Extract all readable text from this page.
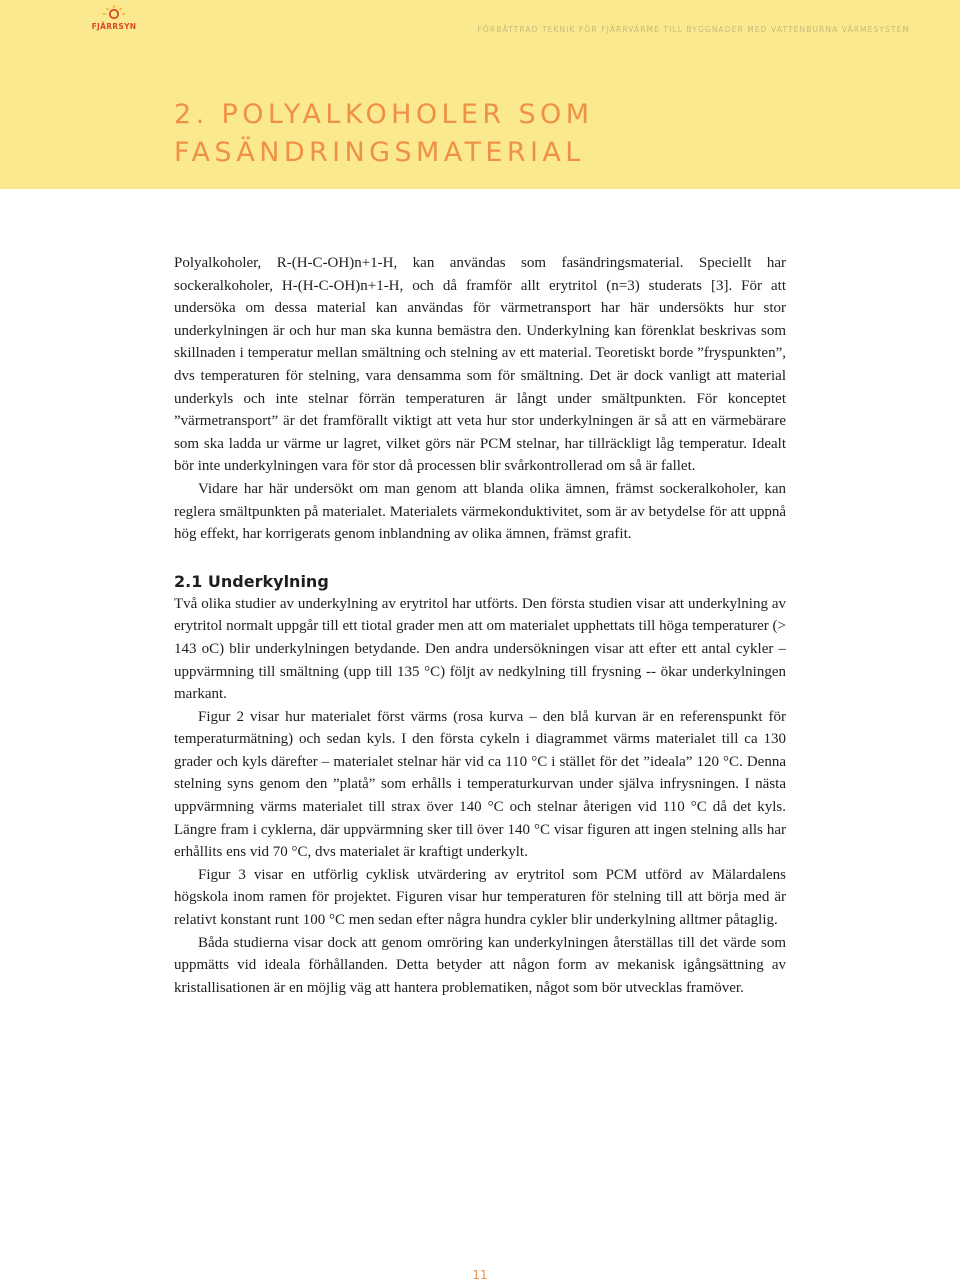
FJÄRRSYN	FÖRBÄTTRAD TEKNIK FÖR FJÄRRVÄRME TILL BYGGNADER MED VATTENBURNA VÄRMESYSTEM
2. POLYALKOHOLER SOM
FASÄNDRINGSMATERIAL

Polyalkoholer, R-(H-C-OH)n+1-H, kan användas som fasändringsmaterial. Speciellt har sockeralkoholer, H-(H-C-OH)n+1-H, och då framför allt erytritol (n=3) studerats [3]. För att undersöka om dessa material kan användas för värmetransport har här undersökts hur stor underkylningen är och hur man ska kunna bemästra den. Underkylning kan förenklat beskrivas som skillnaden i temperatur mellan smältning och stelning av ett material. Teoretiskt borde ”fryspunkten”, dvs temperaturen för stelning, vara densamma som för smältning. Det är dock vanligt att material underkyls och inte stelnar förrän temperaturen är långt under smältpunkten. För konceptet ”värmetransport” är det framförallt viktigt att veta hur stor underkylningen är så att en värmebärare som ska ladda ur värme ur lagret, vilket görs när PCM stelnar, har tillräckligt låg temperatur. Idealt bör inte underkylningen vara för stor då processen blir svårkontrollerad om så är fallet.

Vidare har här undersökt om man genom att blanda olika ämnen, främst sockeralkoholer, kan reglera smältpunkten på materialet. Materialets värmekonduktivitet, som är av betydelse för att uppnå hög effekt, har korrigerats genom inblandning av olika ämnen, främst grafit.

2.1 Underkylning

Två olika studier av underkylning av erytritol har utförts. Den första studien visar att underkylning av erytritol normalt uppgår till ett tiotal grader men att om materialet upphettats till höga temperaturer (> 143 oC) blir underkylningen betydande. Den andra undersökningen visar att efter ett antal cykler – uppvärmning till smältning (upp till 135 °C) följt av nedkylning till frysning -- ökar underkylningen markant.

Figur 2 visar hur materialet först värms (rosa kurva – den blå kurvan är en referenspunkt för temperaturmätning) och sedan kyls. I den första cykeln i diagrammet värms materialet till ca 130 grader och kyls därefter – materialet stelnar här vid ca 110 °C i stället för det ”ideala” 120 °C. Denna stelning syns genom den ”platå” som erhålls i temperaturkurvan under själva infrysningen. I nästa uppvärmning värms materialet till strax över 140 °C och stelnar återigen vid 110 °C då det kyls. Längre fram i cyklerna, där uppvärmning sker till över 140 °C visar figuren att ingen stelning alls har erhållits ens vid 70 °C, dvs materialet är kraftigt underkylt.

Figur 3 visar en utförlig cyklisk utvärdering av erytritol som PCM utförd av Mälardalens högskola inom ramen för projektet. Figuren visar hur temperaturen för stelning till att börja med är relativt konstant runt 100 °C men sedan efter några hundra cykler blir underkylning alltmer påtaglig.

Båda studierna visar dock att genom omröring kan underkylningen återställas till det värde som uppmätts vid ideala förhållanden. Detta betyder att någon form av mekanisk igångsättning av kristallisationen är en möjlig väg att hantera problematiken, något som bör utvecklas framöver.

11
